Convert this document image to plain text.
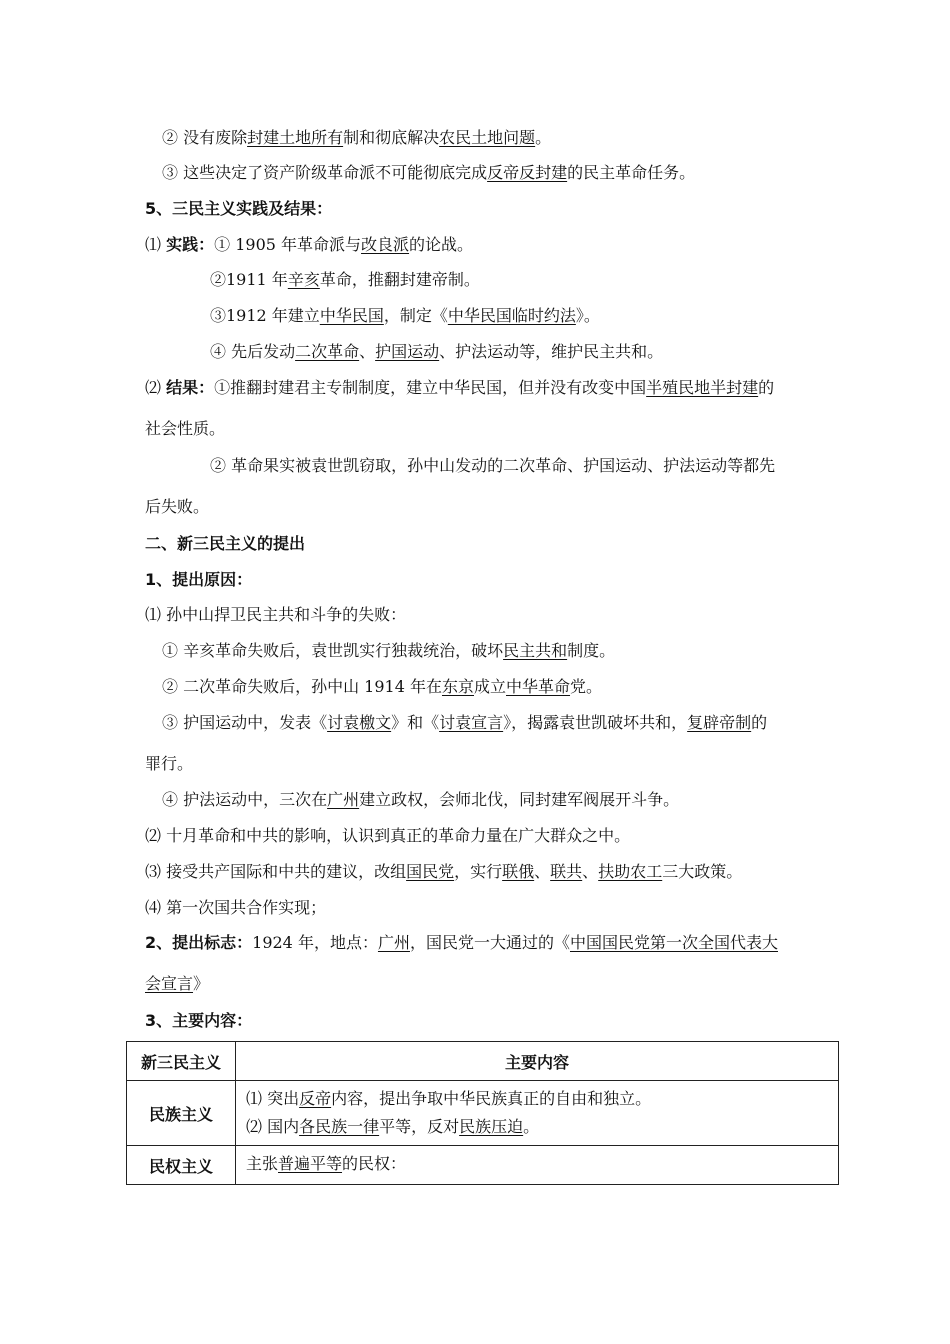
② 没有废除封建土地所有制和彻底解决农民土地问题。
③ 这些决定了资产阶级革命派不可能彻底完成反帝反封建的民主革命任务。
5、三民主义实践及结果：
⑴ 实践：① 1905 年革命派与改良派的论战。
②1911 年辛亥革命，推翻封建帝制。
③1912 年建立中华民国，制定《中华民国临时约法》。
④ 先后发动二次革命、护国运动、护法运动等，维护民主共和。
⑵ 结果：①推翻封建君主专制制度，建立中华民国，但并没有改变中国半殖民地半封建的
社会性质。
② 革命果实被袁世凯窃取，孙中山发动的二次革命、护国运动、护法运动等都先
后失败。
二、新三民主义的提出
1、提出原因：
⑴ 孙中山捍卫民主共和斗争的失败：
① 辛亥革命失败后，袁世凯实行独裁统治，破坏民主共和制度。
② 二次革命失败后，孙中山 1914 年在东京成立中华革命党。
③ 护国运动中，发表《讨袁檄文》和《讨袁宣言》，揭露袁世凯破坏共和，复辟帝制的
罪行。
④ 护法运动中，三次在广州建立政权，会师北伐，同封建军阀展开斗争。
⑵ 十月革命和中共的影响，认识到真正的革命力量在广大群众之中。
⑶ 接受共产国际和中共的建议，改组国民党，实行联俄、联共、扶助农工三大政策。
⑷ 第一次国共合作实现；
2、提出标志：1924 年，地点：广州，国民党一大通过的《中国国民党第一次全国代表大
会宣言》
3、主要内容：
新三民主义	主要内容
民族主义	⑴ 突出反帝内容，提出争取中华民族真正的自由和独立。
⑵ 国内各民族一律平等，反对民族压迫。

民权主义	主张普遍平等的民权：
